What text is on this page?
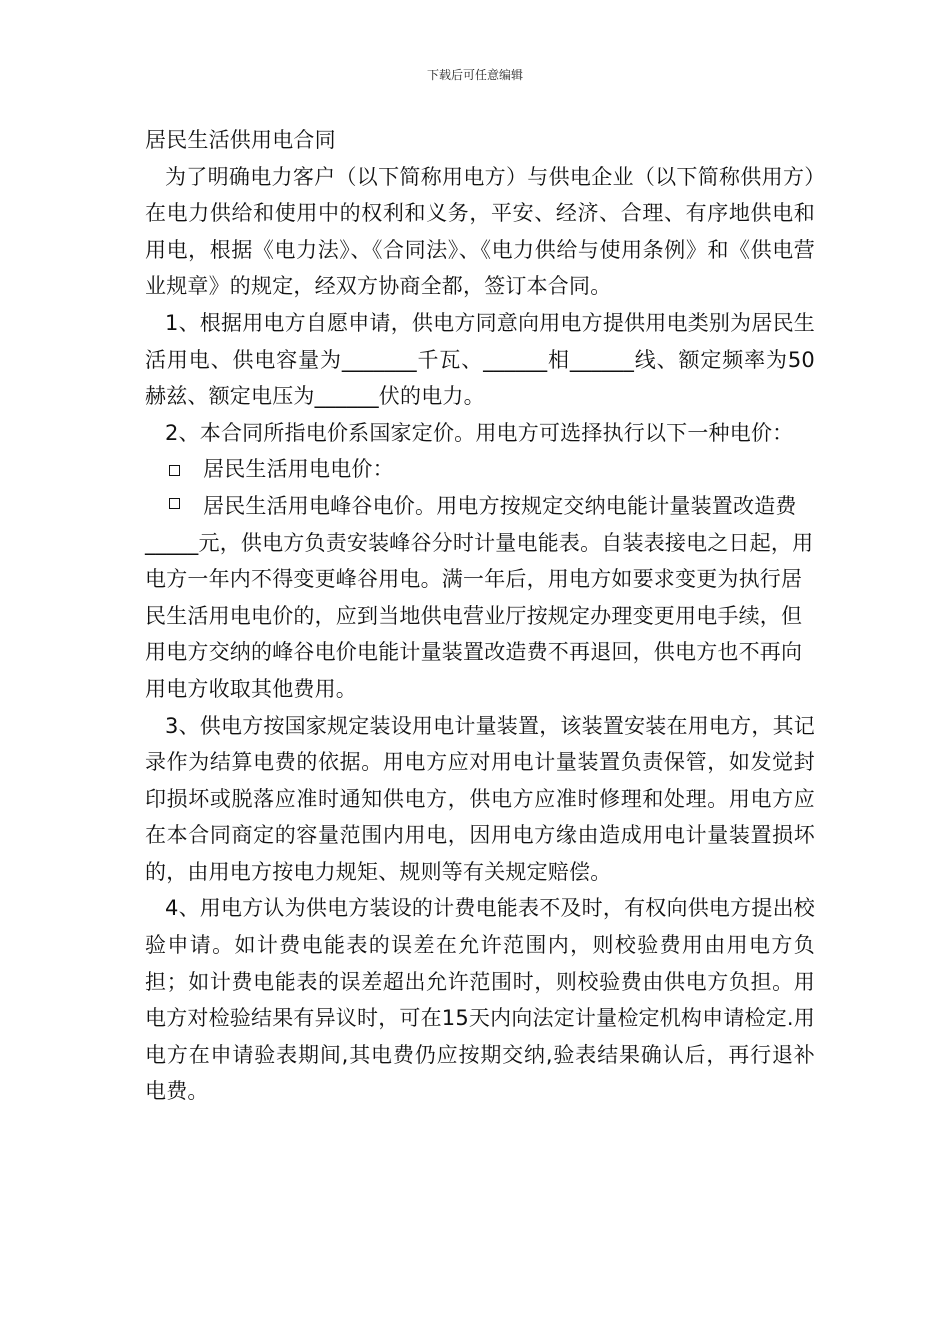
下载后可任意编辑
居民生活供用电合同

为了明确电力客户（以下简称用电方）与供电企业（以下简称供用方）在电力供给和使用中的权利和义务，平安、经济、合理、有序地供电和用电，根据《电力法》、《合同法》、《电力供给与使用条例》和《供电营业规章》的规定，经双方协商全都，签订本合同。

1、根据用电方自愿申请，供电方同意向用电方提供用电类别为居民生活用电、供电容量为_______千瓦、______相______线、额定频率为50赫兹、额定电压为______伏的电力。

2、本合同所指电价系国家定价。用电方可选择执行以下一种电价：

居民生活用电电价：
居民生活用电峰谷电价。用电方按规定交纳电能计量装置改造费_____元，供电方负责安装峰谷分时计量电能表。自装表接电之日起，用电方一年内不得变更峰谷用电。满一年后，用电方如要求变更为执行居民生活用电电价的，应到当地供电营业厅按规定办理变更用电手续，但用电方交纳的峰谷电价电能计量装置改造费不再退回，供电方也不再向用电方收取其他费用。

3、供电方按国家规定装设用电计量装置，该装置安装在用电方，其记录作为结算电费的依据。用电方应对用电计量装置负责保管，如发觉封印损坏或脱落应准时通知供电方，供电方应准时修理和处理。用电方应在本合同商定的容量范围内用电，因用电方缘由造成用电计量装置损坏的，由用电方按电力规矩、规则等有关规定赔偿。

4、用电方认为供电方装设的计费电能表不及时，有权向供电方提出校验申请。如计费电能表的误差在允许范围内，则校验费用由用电方负担；如计费电能表的误差超出允许范围时，则校验费由供电方负担。用电方对检验结果有异议时，可在15天内向法定计量检定机构申请检定.用电方在申请验表期间,其电费仍应按期交纳,验表结果确认后，再行退补电费。
